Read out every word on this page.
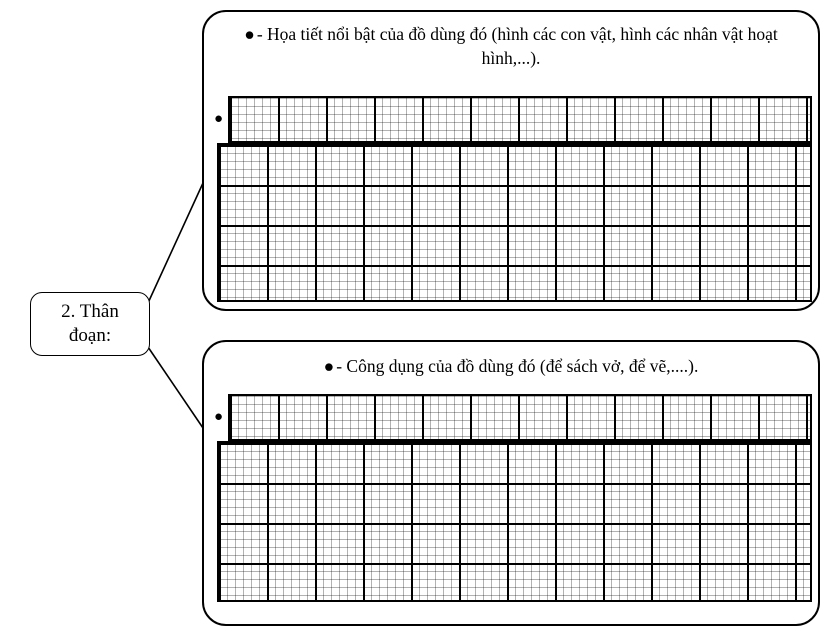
2. Thân
đoạn:
● - Họa tiết nổi bật của đồ dùng đó (hình các con vật, hình các nhân vật hoạt hình,...).
●
● - Công dụng của đồ dùng đó (để sách vở, để vẽ,....).
●
